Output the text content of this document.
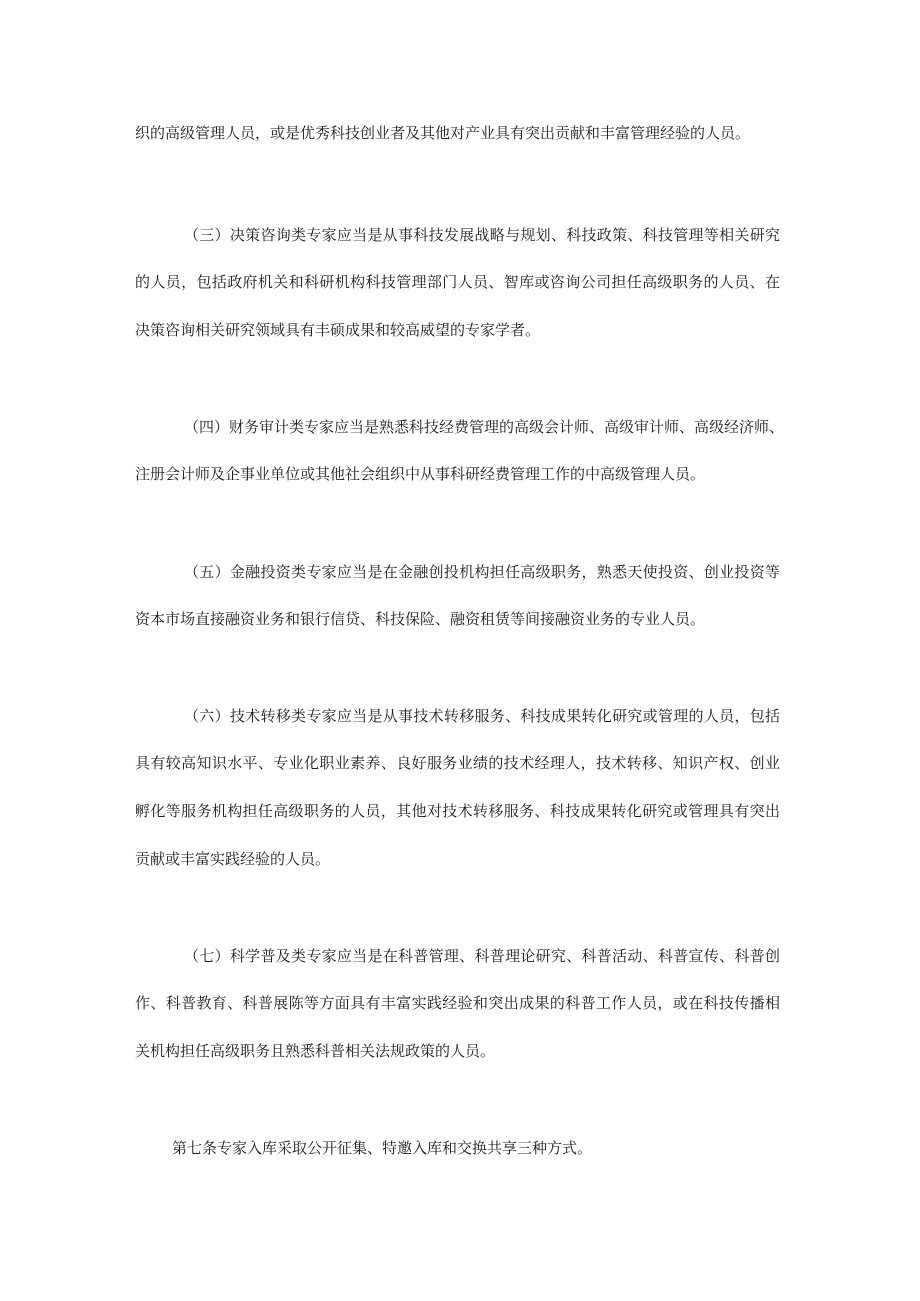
织的高级管理人员，或是优秀科技创业者及其他对产业具有突出贡献和丰富管理经验的人员。
（三）决策咨询类专家应当是从事科技发展战略与规划、科技政策、科技管理等相关研究
的人员，包括政府机关和科研机构科技管理部门人员、智库或咨询公司担任高级职务的人员、在
决策咨询相关研究领域具有丰硕成果和较高威望的专家学者。
（四）财务审计类专家应当是熟悉科技经费管理的高级会计师、高级审计师、高级经济师、
注册会计师及企事业单位或其他社会组织中从事科研经费管理工作的中高级管理人员。
（五）金融投资类专家应当是在金融创投机构担任高级职务，熟悉天使投资、创业投资等
资本市场直接融资业务和银行信贷、科技保险、融资租赁等间接融资业务的专业人员。
（六）技术转移类专家应当是从事技术转移服务、科技成果转化研究或管理的人员，包括
具有较高知识水平、专业化职业素养、良好服务业绩的技术经理人，技术转移、知识产权、创业
孵化等服务机构担任高级职务的人员，其他对技术转移服务、科技成果转化研究或管理具有突出
贡献或丰富实践经验的人员。
（七）科学普及类专家应当是在科普管理、科普理论研究、科普活动、科普宣传、科普创
作、科普教育、科普展陈等方面具有丰富实践经验和突出成果的科普工作人员，或在科技传播相
关机构担任高级职务且熟悉科普相关法规政策的人员。
第七条专家入库采取公开征集、特邀入库和交换共享三种方式。
